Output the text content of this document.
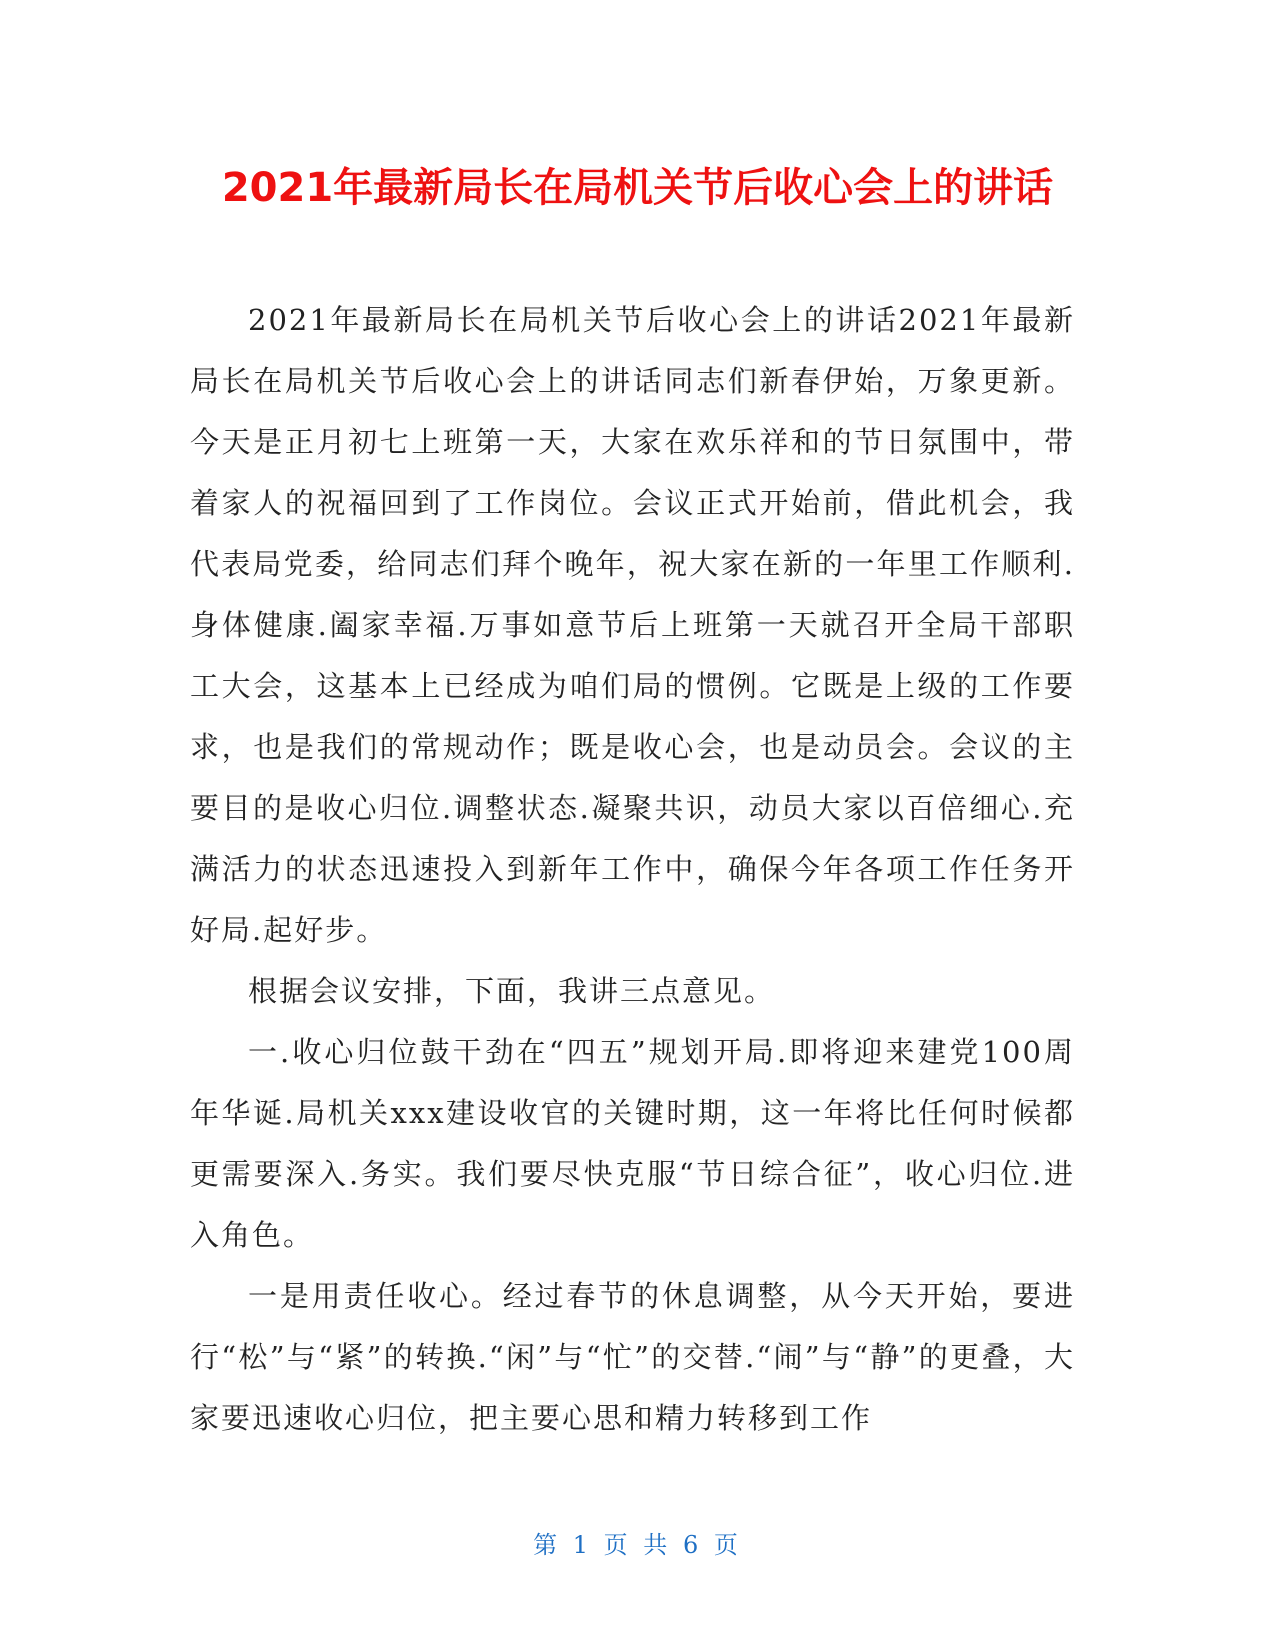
2021年最新局长在局机关节后收心会上的讲话

2021年最新局长在局机关节后收心会上的讲话2021年最新局长在局机关节后收心会上的讲话同志们新春伊始，万象更新。今天是正月初七上班第一天，大家在欢乐祥和的节日氛围中，带着家人的祝福回到了工作岗位。会议正式开始前，借此机会，我代表局党委，给同志们拜个晚年，祝大家在新的一年里工作顺利.身体健康.阖家幸福.万事如意节后上班第一天就召开全局干部职工大会，这基本上已经成为咱们局的惯例。它既是上级的工作要求，也是我们的常规动作；既是收心会，也是动员会。会议的主要目的是收心归位.调整状态.凝聚共识，动员大家以百倍细心.充满活力的状态迅速投入到新年工作中，确保今年各项工作任务开好局.起好步。

根据会议安排，下面，我讲三点意见。

一.收心归位鼓干劲在“四五”规划开局.即将迎来建党100周年华诞.局机关xxx建设收官的关键时期，这一年将比任何时候都更需要深入.务实。我们要尽快克服“节日综合征”，收心归位.进入角色。

一是用责任收心。经过春节的休息调整，从今天开始，要进行“松”与“紧”的转换.“闲”与“忙”的交替.“闹”与“静”的更叠，大家要迅速收心归位，把主要心思和精力转移到工作

第 1 页 共 6 页
